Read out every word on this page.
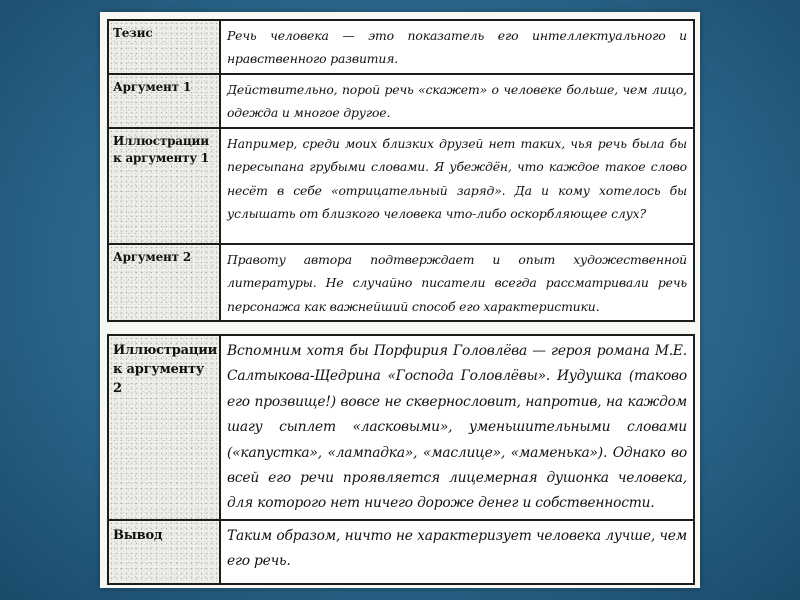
Тезис	Речь человека — это показатель его интеллектуального и нравственного развития.

Аргумент 1	Действительно, порой речь «скажет» о человеке больше, чем лицо, одежда и многое другое.

Иллюстрации
к аргументу 1	Например, среди моих близких друзей нет таких, чья речь была бы пересыпана грубыми словами. Я убеждён, что каждое такое слово несёт в себе «отрицательный заряд». Да и кому хотелось бы услышать от близкого человека что-либо оскорбляющее слух?

Аргумент 2	Правоту автора подтверждает и опыт художественной литературы. Не случайно писатели всегда рассматривали речь персонажа как важнейший способ его характеристики.
Иллюстрации
к аргументу 2	Вспомним хотя бы Порфирия Головлёва — героя романа М.Е. Салтыкова-Щедрина «Господа Головлёвы». Иудушка (таково его прозвище!) вовсе не сквернословит, напротив, на каждом шагу сыплет «ласковыми», уменьшительными словами («капустка», «лампадка», «маслице», «маменька»). Однако во всей его речи проявляется лицемерная душонка человека, для которого нет ничего дороже денег и собственности.

Вывод	Таким образом, ничто не характеризует человека лучше, чем его речь.
